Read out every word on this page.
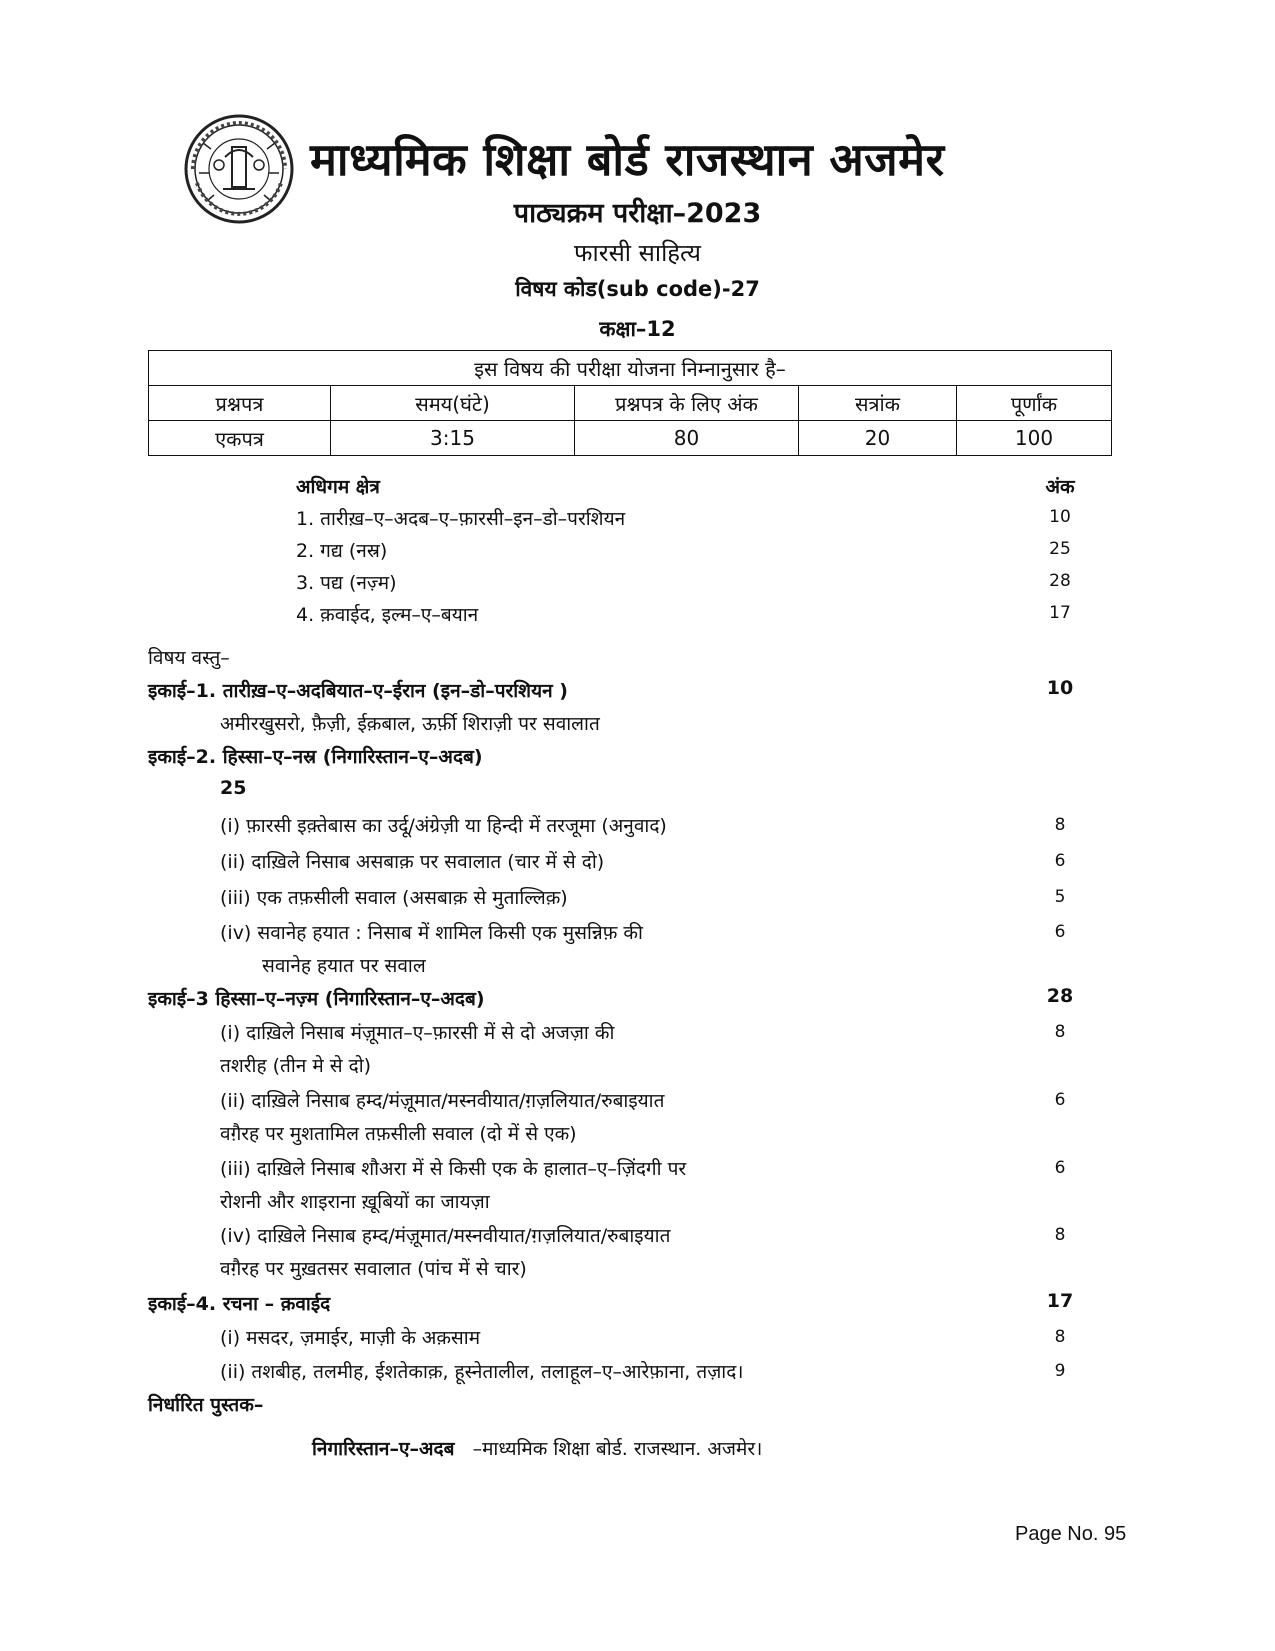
माध्यमिक शिक्षा बोर्ड राजस्थान अजमेर
पाठ्यक्रम परीक्षा–2023
फारसी साहित्य
विषय कोड(sub code)-27
कक्षा–12
इस विषय की परीक्षा योजना निम्नानुसार है–				
प्रश्नपत्र	समय(घंटे)	प्रश्नपत्र के लिए अंक	सत्रांक	पूर्णांक
एकपत्र	3:15	80	20	100
अधिगम क्षेत्र	अंक
1. तारीख़–ए–अदब–ए–फ़ारसी–इन–डो–परशियन	10
2. गद्य (नस्र)	25
3. पद्य (नज़्म)	28
4. क़वाईद, इल्म–ए–बयान	17
विषय वस्तु–
इकाई–1. तारीख़–ए–अदबियात–ए–ईरान (इन–डो–परशियन )	10
अमीरखुसरो, फ़ैज़ी, ईक़बाल, ऊर्फ़ी शिराज़ी पर सवालात
इकाई–2. हिस्सा–ए–नस्र (निगारिस्तान–ए–अदब)
25
(i) फ़ारसी इक़्तेबास का उर्दू/अंग्रेज़ी या हिन्दी में तरजूमा (अनुवाद)	8
(ii) दाख़िले निसाब असबाक़ पर सवालात (चार में से दो)	6
(iii) एक तफ़सीली सवाल (असबाक़ से मुताल्लिक़)	5
(iv) सवानेह हयात : निसाब में शामिल किसी एक मुसन्निफ़ की	6
सवानेह हयात पर सवाल
इकाई–3 हिस्सा–ए–नज़्म (निगारिस्तान–ए–अदब)	28
(i) दाख़िले निसाब मंज़ूमात–ए–फ़ारसी में से दो अजज़ा की	8
तशरीह (तीन मे से दो)
(ii) दाख़िले निसाब हम्द/मंज़ूमात/मस्नवीयात/ग़ज़लियात/रुबाइयात	6
वग़ैरह पर मुशतामिल तफ़सीली सवाल (दो में से एक)
(iii) दाख़िले निसाब शौअरा में से किसी एक के हालात–ए–ज़िंदगी पर	6
रोशनी और शाइराना ख़ूबियों का जायज़ा
(iv) दाख़िले निसाब हम्द/मंज़ूमात/मस्नवीयात/ग़ज़लियात/रुबाइयात	8
वग़ैरह पर मुख़तसर सवालात (पांच में से चार)
इकाई–4. रचना – क़वाईद	17
(i) मसदर, ज़माईर, माज़ी के अक़साम	8
(ii) तशबीह, तलमीह, ईशतेकाक़, हूस्नेतालील, तलाहूल–ए–आरेफ़ाना, तज़ाद।	9
निर्धारित पुस्तक–
निगारिस्तान–ए–अदब –माध्यमिक शिक्षा बोर्ड. राजस्थान. अजमेर।
Page No. 95
